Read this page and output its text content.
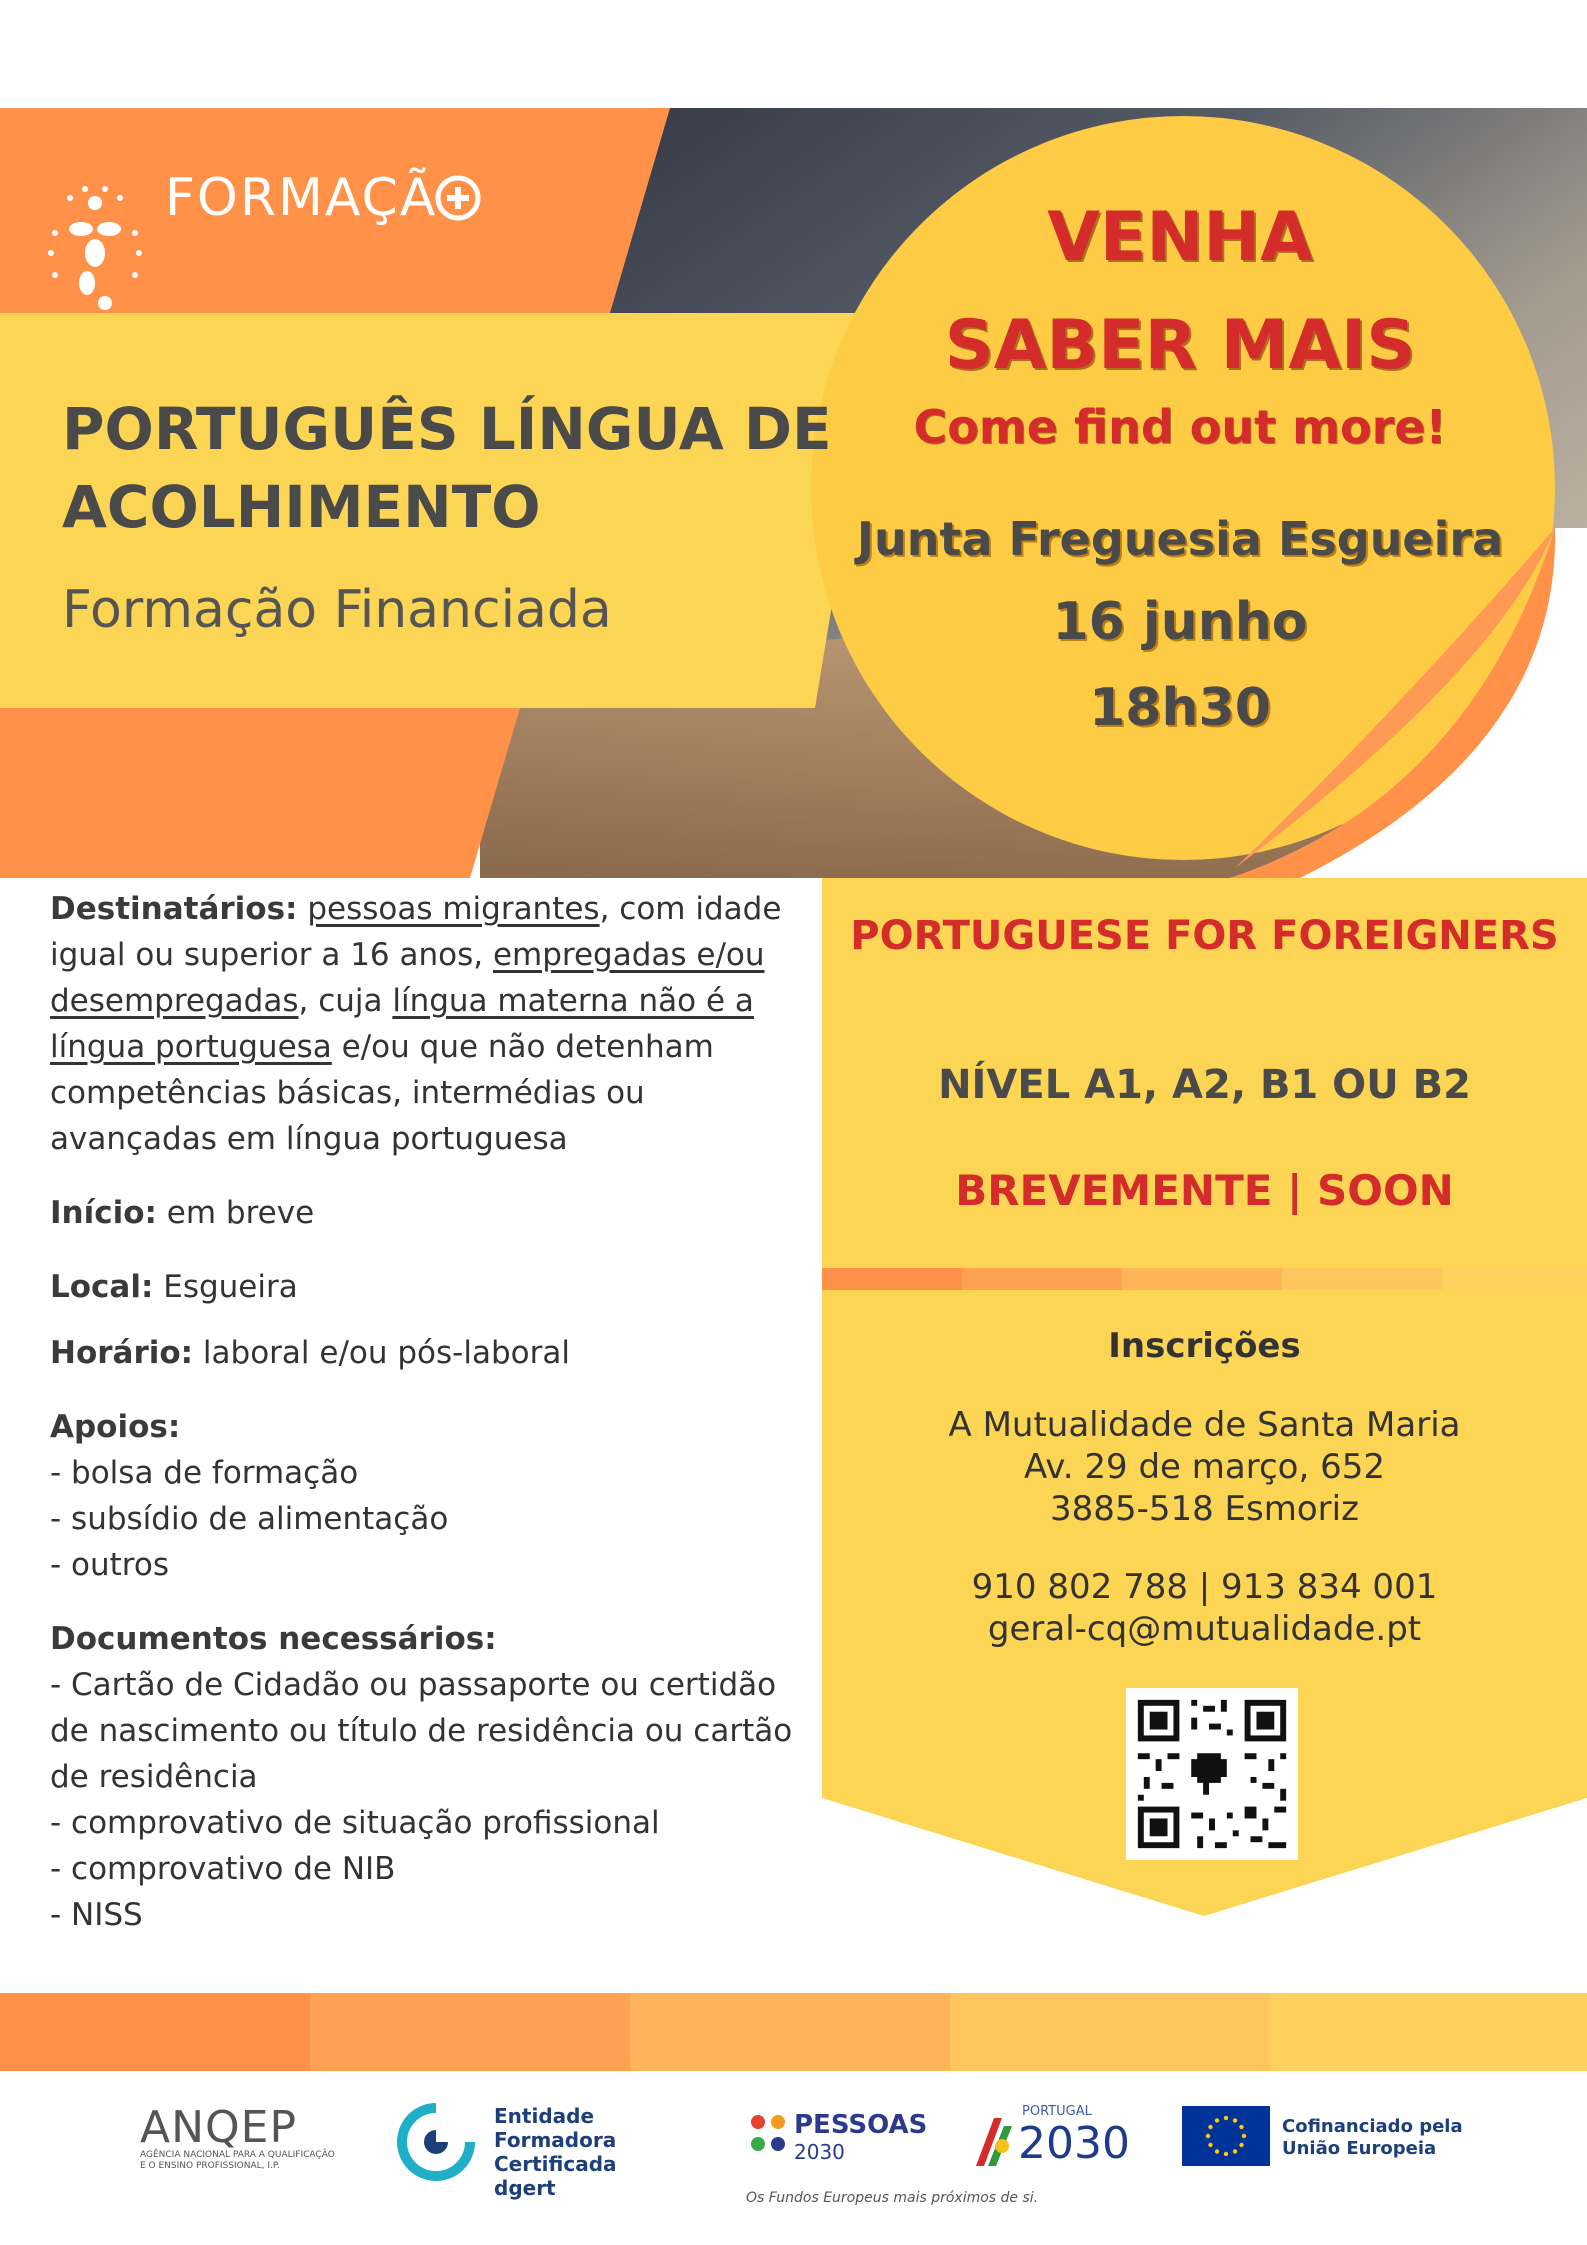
FORMAÇÃ
PORTUGUÊS LÍNGUA DE ACOLHIMENTO
Formação Financiada
VENHA
SABER MAIS
Come find out more!
Junta Freguesia Esgueira
16 junho
18h30

Destinatários: pessoas migrantes, com idade igual ou superior a 16 anos, empregadas e/ou desempregadas, cuja língua materna não é a língua portuguesa e/ou que não detenham competências básicas, intermédias ou avançadas em língua portuguesa

Início: em breve

Local: Esgueira

Horário: laboral e/ou pós-laboral

Apoios:
- bolsa de formação
- subsídio de alimentação
- outros

Documentos necessários:
- Cartão de Cidadão ou passaporte ou certidão de nascimento ou título de residência ou cartão de residência
- comprovativo de situação profissional
- comprovativo de NIB
- NISS

PORTUGUESE FOR FOREIGNERS
NÍVEL A1, A2, B1 OU B2
BREVEMENTE | SOON
Inscrições
A Mutualidade de Santa Maria
Av. 29 de março, 652
3885-518 Esmoriz
910 802 788 | 913 834 001
geral-cq@mutualidade.pt
ANQEP
AGÊNCIA NACIONAL PARA A QUALIFICAÇÃO E O ENSINO PROFISSIONAL, I.P.
Entidade
Formadora
Certificada
dgert
PESSOAS
2030
PORTUGAL
2030
Os Fundos Europeus mais próximos de si.
Cofinanciado pela União Europeia
